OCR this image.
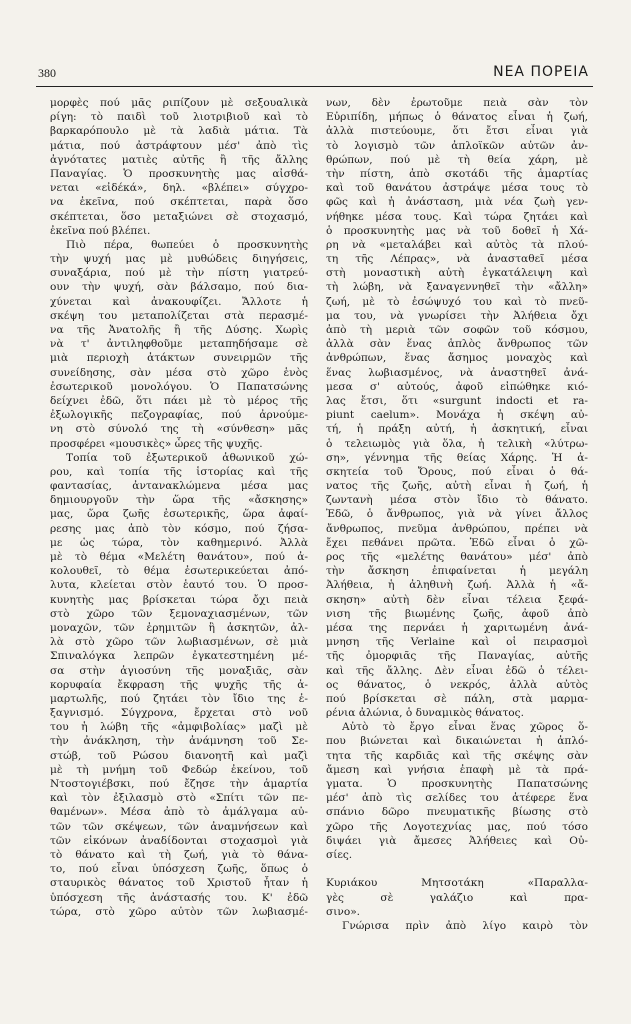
380	ΝΕΑ ΠΟΡΕΙΑ
μορφὲς πού μᾶς ριπίζουν μὲ σεξουαλικὰ
ρίγη: τὸ παιδὶ τοῦ λιοτριβιοῦ καὶ τὸ
βαρκαρόπουλο μὲ τὰ λαδιὰ μάτια. Τὰ
μάτια, πού ἀστράφτουν μέσ' ἀπὸ τὶς
ἀγνότατες ματιὲς αὐτῆς ἢ τῆς ἄλλης
Παναγίας. Ὁ προσκυνητὴς μας αἰσθά-
νεται «εἰδέκά», δηλ. «βλέπει» σύγχρο-
να ἐκεῖνα, πού σκέπτεται, παρὰ ὅσο
σκέπτεται, ὅσο μεταξιώνει σὲ στοχασμό,
ἐκεῖνα πού βλέπει.
Πιὸ πέρα, θωπεύει ὁ προσκυνητὴς
τὴν ψυχή μας μὲ μυθώδεις διηγήσεις,
συναξάρια, πού μὲ τὴν πίστη γιατρεύ-
ουν τὴν ψυχή, σὰν βάλσαμο, πού δια-
χύνεται καὶ ἀνακουφίζει. Ἄλλοτε ἡ
σκέψη του μεταπολίζεται στὰ περασμέ-
να τῆς Ἀνατολῆς ἢ τῆς Δύσης. Χωρὶς
νὰ τ' ἀντιληφθοῦμε μεταπηδήσαμε σὲ
μιὰ περιοχὴ ἀτάκτων συνειρμῶν τῆς
συνείδησης, σὰν μέσα στὸ χῶρο ἑνὸς
ἐσωτερικοῦ μονολόγου. Ὁ Παπατσώνης
δείχνει ἐδῶ, ὅτι πάει μὲ τὸ μέρος τῆς
ἐξωλογικῆς πεζογραφίας, πού ἀρνούμε-
νη στὸ σύνολό της τὴ «σύνθεση» μᾶς
προσφέρει «μουσικὲς» ὧρες τῆς ψυχῆς.
Τοπία τοῦ ἐξωτερικοῦ ἀθωνικοῦ χώ-
ρου, καὶ τοπία τῆς ἱστορίας καὶ τῆς
φαντασίας, ἀντανακλώμενα μέσα μας
δημιουργοῦν τὴν ὥρα τῆς «ἄσκησης»
μας, ὥρα ζωῆς ἐσωτερικῆς, ὥρα ἀφαί-
ρεσης μας ἀπὸ τὸν κόσμο, πού ζήσα-
με ὡς τώρα, τὸν καθημερινό. Ἀλλὰ
μὲ τὸ θέμα «Μελέτη θανάτου», πού ἀ-
κολουθεῖ, τὸ θέμα ἐσωτερικεύεται ἀπό-
λυτα, κλείεται στὸν ἑαυτό του. Ὁ προσ-
κυνητὴς μας βρίσκεται τώρα ὄχι πειὰ
στὸ χῶρο τῶν ξεμοναχιασμένων, τῶν
μοναχῶν, τῶν ἐρημιτῶν ἢ ἀσκητῶν, ἀλ-
λὰ στὸ χῶρο τῶν λωβιασμένων, σὲ μιὰ
Σπιναλόγκα λεπρῶν ἐγκατεστημένη μέ-
σα στὴν ἁγιοσύνη τῆς μοναξιᾶς, σὰν
κορυφαία ἔκφραση τῆς ψυχῆς τῆς ἁ-
μαρτωλῆς, πού ζητάει τὸν ἴδιο της ἐ-
ξαγνισμό. Σύγχρονα, ἔρχεται στὸ νοῦ
του ἡ λώβη τῆς «ἀμφιβολίας» μαζὶ μὲ
τὴν ἀνάκληση, τὴν ἀνάμνηση τοῦ Σε-
στώβ, τοῦ Ρώσου διανοητῆ καὶ μαζὶ
μὲ τὴ μνήμη τοῦ Φεδώρ ἐκείνου, τοῦ
Ντοστογιέβσκι, πού ἔζησε τὴν ἁμαρτία
καὶ τὸν ἐξιλασμὸ στὸ «Σπίτι τῶν πε-
θαμένων». Μέσα ἀπὸ τὸ ἀμάλγαμα αὐ-
τῶν τῶν σκέψεων, τῶν ἀναμνήσεων καὶ
τῶν εἰκόνων ἀναδίδονται στοχασμοὶ γιὰ
τὸ θάνατο καὶ τὴ ζωή, γιὰ τὸ θάνα-
το, πού εἶναι ὑπόσχεση ζωῆς, ὅπως ὁ
σταυρικὸς θάνατος τοῦ Χριστοῦ ἦταν ἡ
ὑπόσχεση τῆς ἀνάστασής του. Κ' ἐδῶ
τώρα, στὸ χῶρο αὐτὸν τῶν λωβιασμέ-
νων, δὲν ἐρωτοῦμε πειὰ σὰν τὸν
Εὐριπίδη, μήπως ὁ θάνατος εἶναι ἡ ζωή,
ἀλλὰ πιστεύουμε, ὅτι ἔτσι εἶναι γιὰ
τὸ λογισμὸ τῶν ἀπλοϊκῶν αὐτῶν ἀν-
θρώπων, πού μὲ τὴ θεία χάρη, μὲ
τὴν πίστη, ἀπὸ σκοτάδι τῆς ἁμαρτίας
καὶ τοῦ θανάτου ἀστράψε μέσα τους τὸ
φῶς καὶ ἡ ἀνάσταση, μιὰ νέα ζωὴ γεν-
νήθηκε μέσα τους. Καὶ τώρα ζητάει καὶ
ὁ προσκυνητὴς μας νὰ τοῦ δοθεῖ ἡ Χά-
ρη νὰ «μεταλάβει καὶ αὐτὸς τὰ πλού-
τη τῆς Λέπρας», νὰ ἀνασταθεῖ μέσα
στὴ μοναστικὴ αὐτὴ ἐγκατάλειψη καὶ
τὴ λώβη, νὰ ξαναγεννηθεῖ τὴν «ἄλλη»
ζωή, μὲ τὸ ἐσώψυχό του καὶ τὸ πνεῦ-
μα του, νὰ γνωρίσει τὴν Ἀλήθεια ὄχι
ἀπὸ τὴ μεριὰ τῶν σοφῶν τοῦ κόσμου,
ἀλλὰ σὰν ἕνας ἁπλὸς ἄνθρωπος τῶν
ἀνθρώπων, ἕνας ἄσημος μοναχὸς καὶ
ἕνας λωβιασμένος, νὰ ἀναστηθεῖ ἀνά-
μεσα σ' αὐτούς, ἀφοῦ εἰπώθηκε κιό-
λας ἔτσι, ὅτι «surgunt indocti et ra-
piunt caelum». Μονάχα ἡ σκέψη αὐ-
τή, ἡ πράξη αὐτή, ἡ ἀσκητική, εἶναι
ὁ τελειωμὸς γιὰ ὅλα, ἡ τελικὴ «λύτρω-
ση», γέννημα τῆς θείας Χάρης. Ἡ ἀ-
σκητεία τοῦ Ὄρους, πού εἶναι ὁ θά-
νατος τῆς ζωῆς, αὐτὴ εἶναι ἡ ζωή, ἡ
ζωντανὴ μέσα στὸν ἴδιο τὸ θάνατο.
Ἐδῶ, ὁ ἄνθρωπος, γιὰ νὰ γίνει ἄλλος
ἄνθρωπος, πνεῦμα ἀνθρώπου, πρέπει νὰ
ἔχει πεθάνει πρῶτα. Ἐδῶ εἶναι ὁ χῶ-
ρος τῆς «μελέτης θανάτου» μέσ' ἀπὸ
τὴν ἄσκηση ἐπιφαίνεται ἡ μεγάλη
Ἀλήθεια, ἡ ἀληθινὴ ζωή. Ἀλλὰ ἡ «ἄ-
σκηση» αὐτὴ δὲν εἶναι τέλεια ξεφά-
νιση τῆς βιωμένης ζωῆς, ἀφοῦ ἀπὸ
μέσα της περνάει ἡ χαριτωμένη ἀνά-
μνηση τῆς Verlaine καὶ οἱ πειρασμοὶ
τῆς ὀμορφιᾶς τῆς Παναγίας, αὐτῆς
καὶ τῆς ἄλλης. Δὲν εἶναι ἐδῶ ὁ τέλει-
ος θάνατος, ὁ νεκρός, ἀλλὰ αὐτὸς
πού βρίσκεται σὲ πάλη, στὰ μαρμα-
ρένια ἀλώνια, ὁ δυναμικὸς θάνατος.
Αὐτὸ τὸ ἔργο εἶναι ἕνας χῶρος ὅ-
που βιώνεται καὶ δικαιώνεται ἡ ἁπλό-
τητα τῆς καρδιᾶς καὶ τῆς σκέψης σὰν
ἄμεση καὶ γνήσια ἐπαφὴ μὲ τὰ πρά-
γματα. Ὁ προσκυνητὴς Παπατσώνης
μέσ' ἀπὸ τὶς σελίδες του ἀτέφερε ἕνα
σπάνιο δῶρο πνευματικῆς βίωσης στὸ
χῶρο τῆς Λογοτεχνίας μας, πού τόσο
διψάει γιὰ ἄμεσες Ἀλήθειες καὶ Οὐ-
σίες.
Κυριάκου Μητσοτάκη «Παραλλα-
γὲς σὲ γαλάζιο καὶ πρα-
σινο».
Γνώρισα πρὶν ἀπὸ λίγο καιρὸ τὸν
